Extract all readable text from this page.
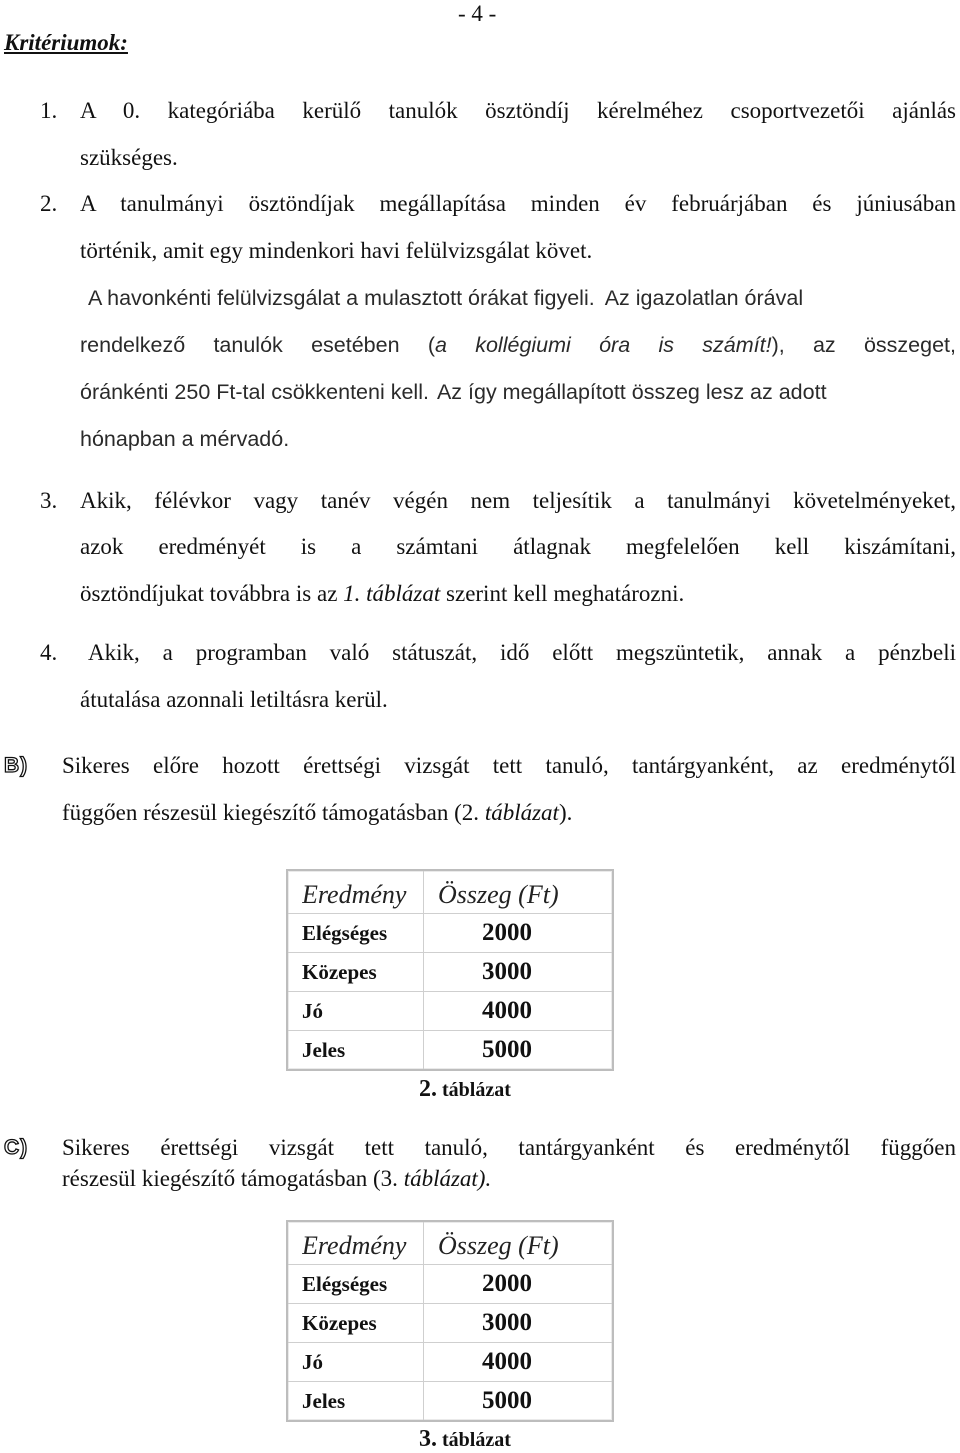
- 4 -
Kritériumok:
1. A 0. kategóriába kerülő tanulók ösztöndíj kérelméhez csoportvezetői ajánlás
szükséges.
2. A tanulmányi ösztöndíjak megállapítása minden év februárjában és júniusában
történik, amit egy mindenkori havi felülvizsgálat követ.
A havonkénti felülvizsgálat a mulasztott órákat figyeli. Az igazolatlan órával
rendelkező tanulók esetében (a kollégiumi óra is számít!), az összeget,
óránkénti 250 Ft-tal csökkenteni kell. Az így megállapított összeg lesz az adott
hónapban a mérvadó.
3. Akik, félévkor vagy tanév végén nem teljesítik a tanulmányi követelményeket,
azok eredményét is a számtani átlagnak megfelelően kell kiszámítani,
ösztöndíjukat továbbra is az 1. táblázat szerint kell meghatározni.
4. Akik, a programban való státuszát, idő előtt megszüntetik, annak a pénzbeli
átutalása azonnali letiltásra kerül.
B) Sikeres előre hozott érettségi vizsgát tett tanuló, tantárgyanként, az eredménytől
függően részesül kiegészítő támogatásban (2. táblázat).
Eredmény	Összeg (Ft)

Elégséges	2000
Közepes	3000
Jó	4000
Jeles	5000
2. táblázat
C) Sikeres érettségi vizsgát tett tanuló, tantárgyanként és eredménytől függően
részesül kiegészítő támogatásban (3. táblázat).
Eredmény	Összeg (Ft)

Elégséges	2000
Közepes	3000
Jó	4000
Jeles	5000
3. táblázat
